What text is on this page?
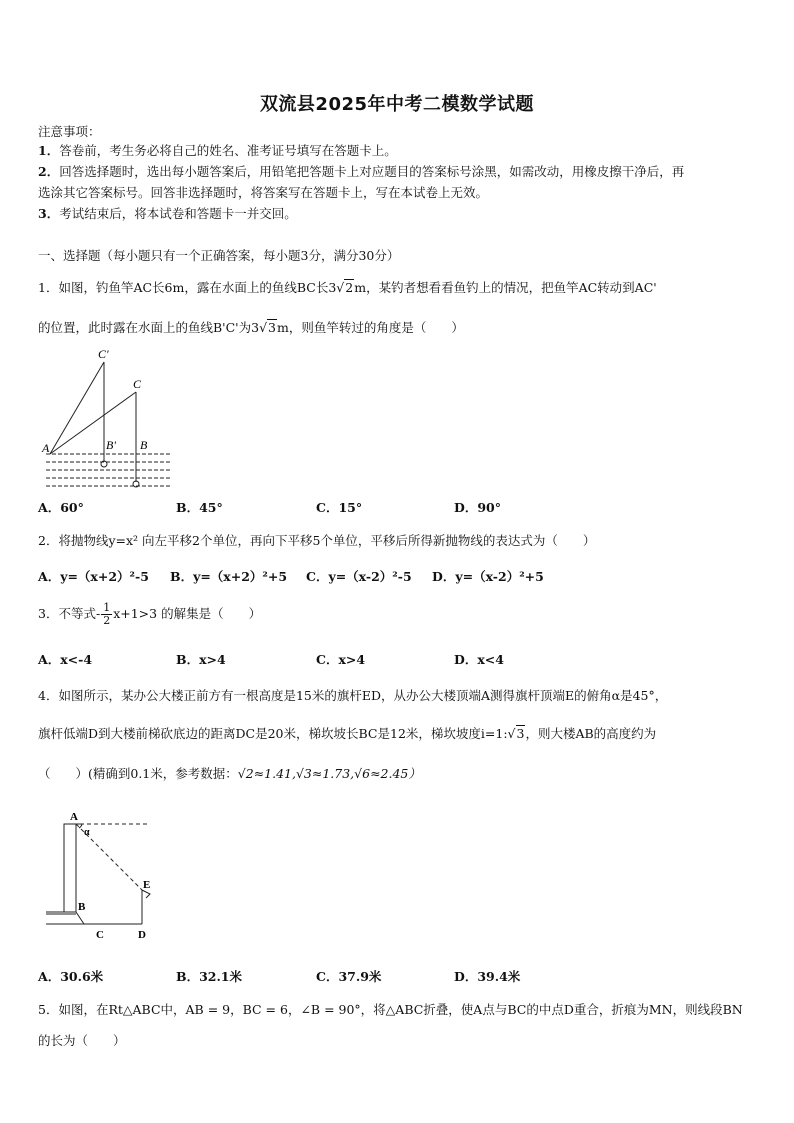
双流县2025年中考二模数学试题
注意事项：
1．答卷前，考生务必将自己的姓名、准考证号填写在答题卡上。
2．回答选择题时，选出每小题答案后，用铅笔把答题卡上对应题目的答案标号涂黑，如需改动，用橡皮擦干净后，再
选涂其它答案标号。回答非选择题时，将答案写在答题卡上，写在本试卷上无效。
3．考试结束后，将本试卷和答题卡一并交回。
一、选择题（每小题只有一个正确答案，每小题3分，满分30分）
1．如图，钓鱼竿AC长6m，露在水面上的鱼线BC长3√2m，某钓者想看看鱼钓上的情况，把鱼竿AC转动到AC'
的位置，此时露在水面上的鱼线B'C'为3√3m，则鱼竿转过的角度是（　　）
C'
C
A	B' B
A．60°	B．45°	C．15°	D．90°
2．将抛物线y=x² 向左平移2个单位，再向下平移5个单位，平移后所得新抛物线的表达式为（　　）
A．y=（x+2）²-5 B．y=（x+2）²+5 C．y=（x-2）²-5 D．y=（x-2）²+5
3．不等式- $\frac{1}{2} x+1>3$ 的解集是（　　）
A．x<-4	B．x>4	C．x>4	D．x<4
4．如图所示，某办公大楼正前方有一根高度是15米的旗杆ED，从办公大楼顶端A测得旗杆顶端E的俯角α是45°，
旗杆低端D到大楼前梯砍底边的距离DC是20米，梯坎坡长BC是12米，梯坎坡度i=1:√3，则大楼AB的高度约为
（　　）(精确到0.1米，参考数据：√2≈1.41,√3≈1.73,√6≈2.45）
A
α
E
B
C	D
A．30.6米	B．32.1米	C．37.9米	D．39.4米
5．如图，在Rt△ABC中，AB = 9，BC = 6，∠B = 90°，将△ABC折叠，使A点与BC的中点D重合，折痕为MN，则线段BN
的长为（　　）
